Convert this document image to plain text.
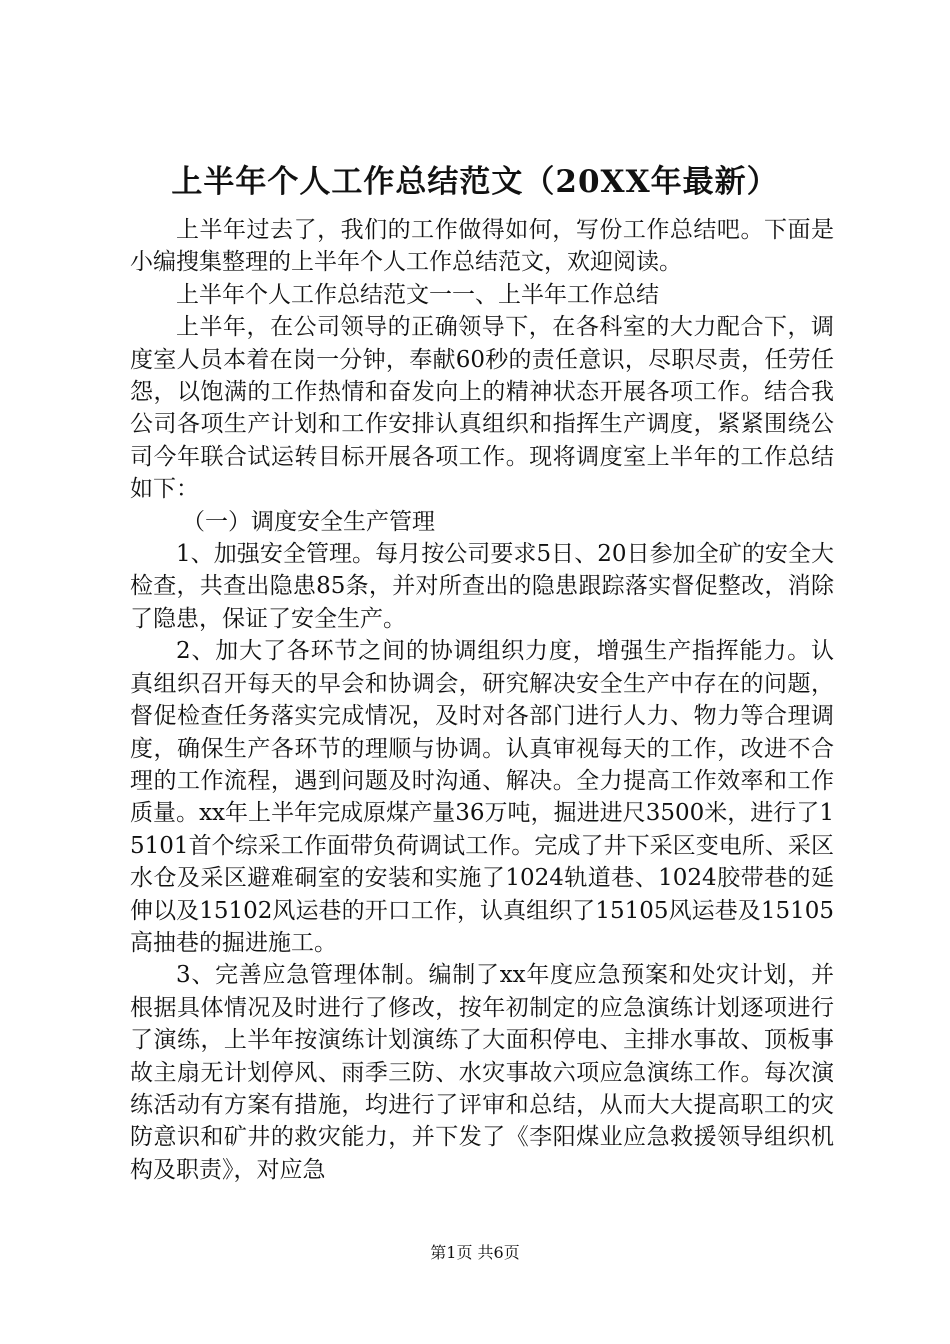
上半年个人工作总结范文（20XX年最新）

上半年过去了，我们的工作做得如何，写份工作总结吧。下面是小编搜集整理的上半年个人工作总结范文，欢迎阅读。

上半年个人工作总结范文一一、上半年工作总结

上半年，在公司领导的正确领导下，在各科室的大力配合下，调度室人员本着在岗一分钟，奉献60秒的责任意识，尽职尽责，任劳任怨，以饱满的工作热情和奋发向上的精神状态开展各项工作。结合我公司各项生产计划和工作安排认真组织和指挥生产调度，紧紧围绕公司今年联合试运转目标开展各项工作。现将调度室上半年的工作总结如下：

（一）调度安全生产管理

1、加强安全管理。每月按公司要求5日、20日参加全矿的安全大检查，共查出隐患85条，并对所查出的隐患跟踪落实督促整改，消除了隐患，保证了安全生产。

2、加大了各环节之间的协调组织力度，增强生产指挥能力。认真组织召开每天的早会和协调会，研究解决安全生产中存在的问题，督促检查任务落实完成情况，及时对各部门进行人力、物力等合理调度，确保生产各环节的理顺与协调。认真审视每天的工作，改进不合理的工作流程，遇到问题及时沟通、解决。全力提高工作效率和工作质量。xx年上半年完成原煤产量36万吨，掘进进尺3500米，进行了15101首个综采工作面带负荷调试工作。完成了井下采区变电所、采区水仓及采区避难硐室的安装和实施了1024轨道巷、1024胶带巷的延伸以及15102风运巷的开口工作，认真组织了15105风运巷及15105高抽巷的掘进施工。

3、完善应急管理体制。编制了xx年度应急预案和处灾计划，并根据具体情况及时进行了修改，按年初制定的应急演练计划逐项进行了演练，上半年按演练计划演练了大面积停电、主排水事故、顶板事故主扇无计划停风、雨季三防、水灾事故六项应急演练工作。每次演练活动有方案有措施，均进行了评审和总结，从而大大提高职工的灾防意识和矿井的救灾能力，并下发了《李阳煤业应急救援领导组织机构及职责》，对应急

第1页 共6页
